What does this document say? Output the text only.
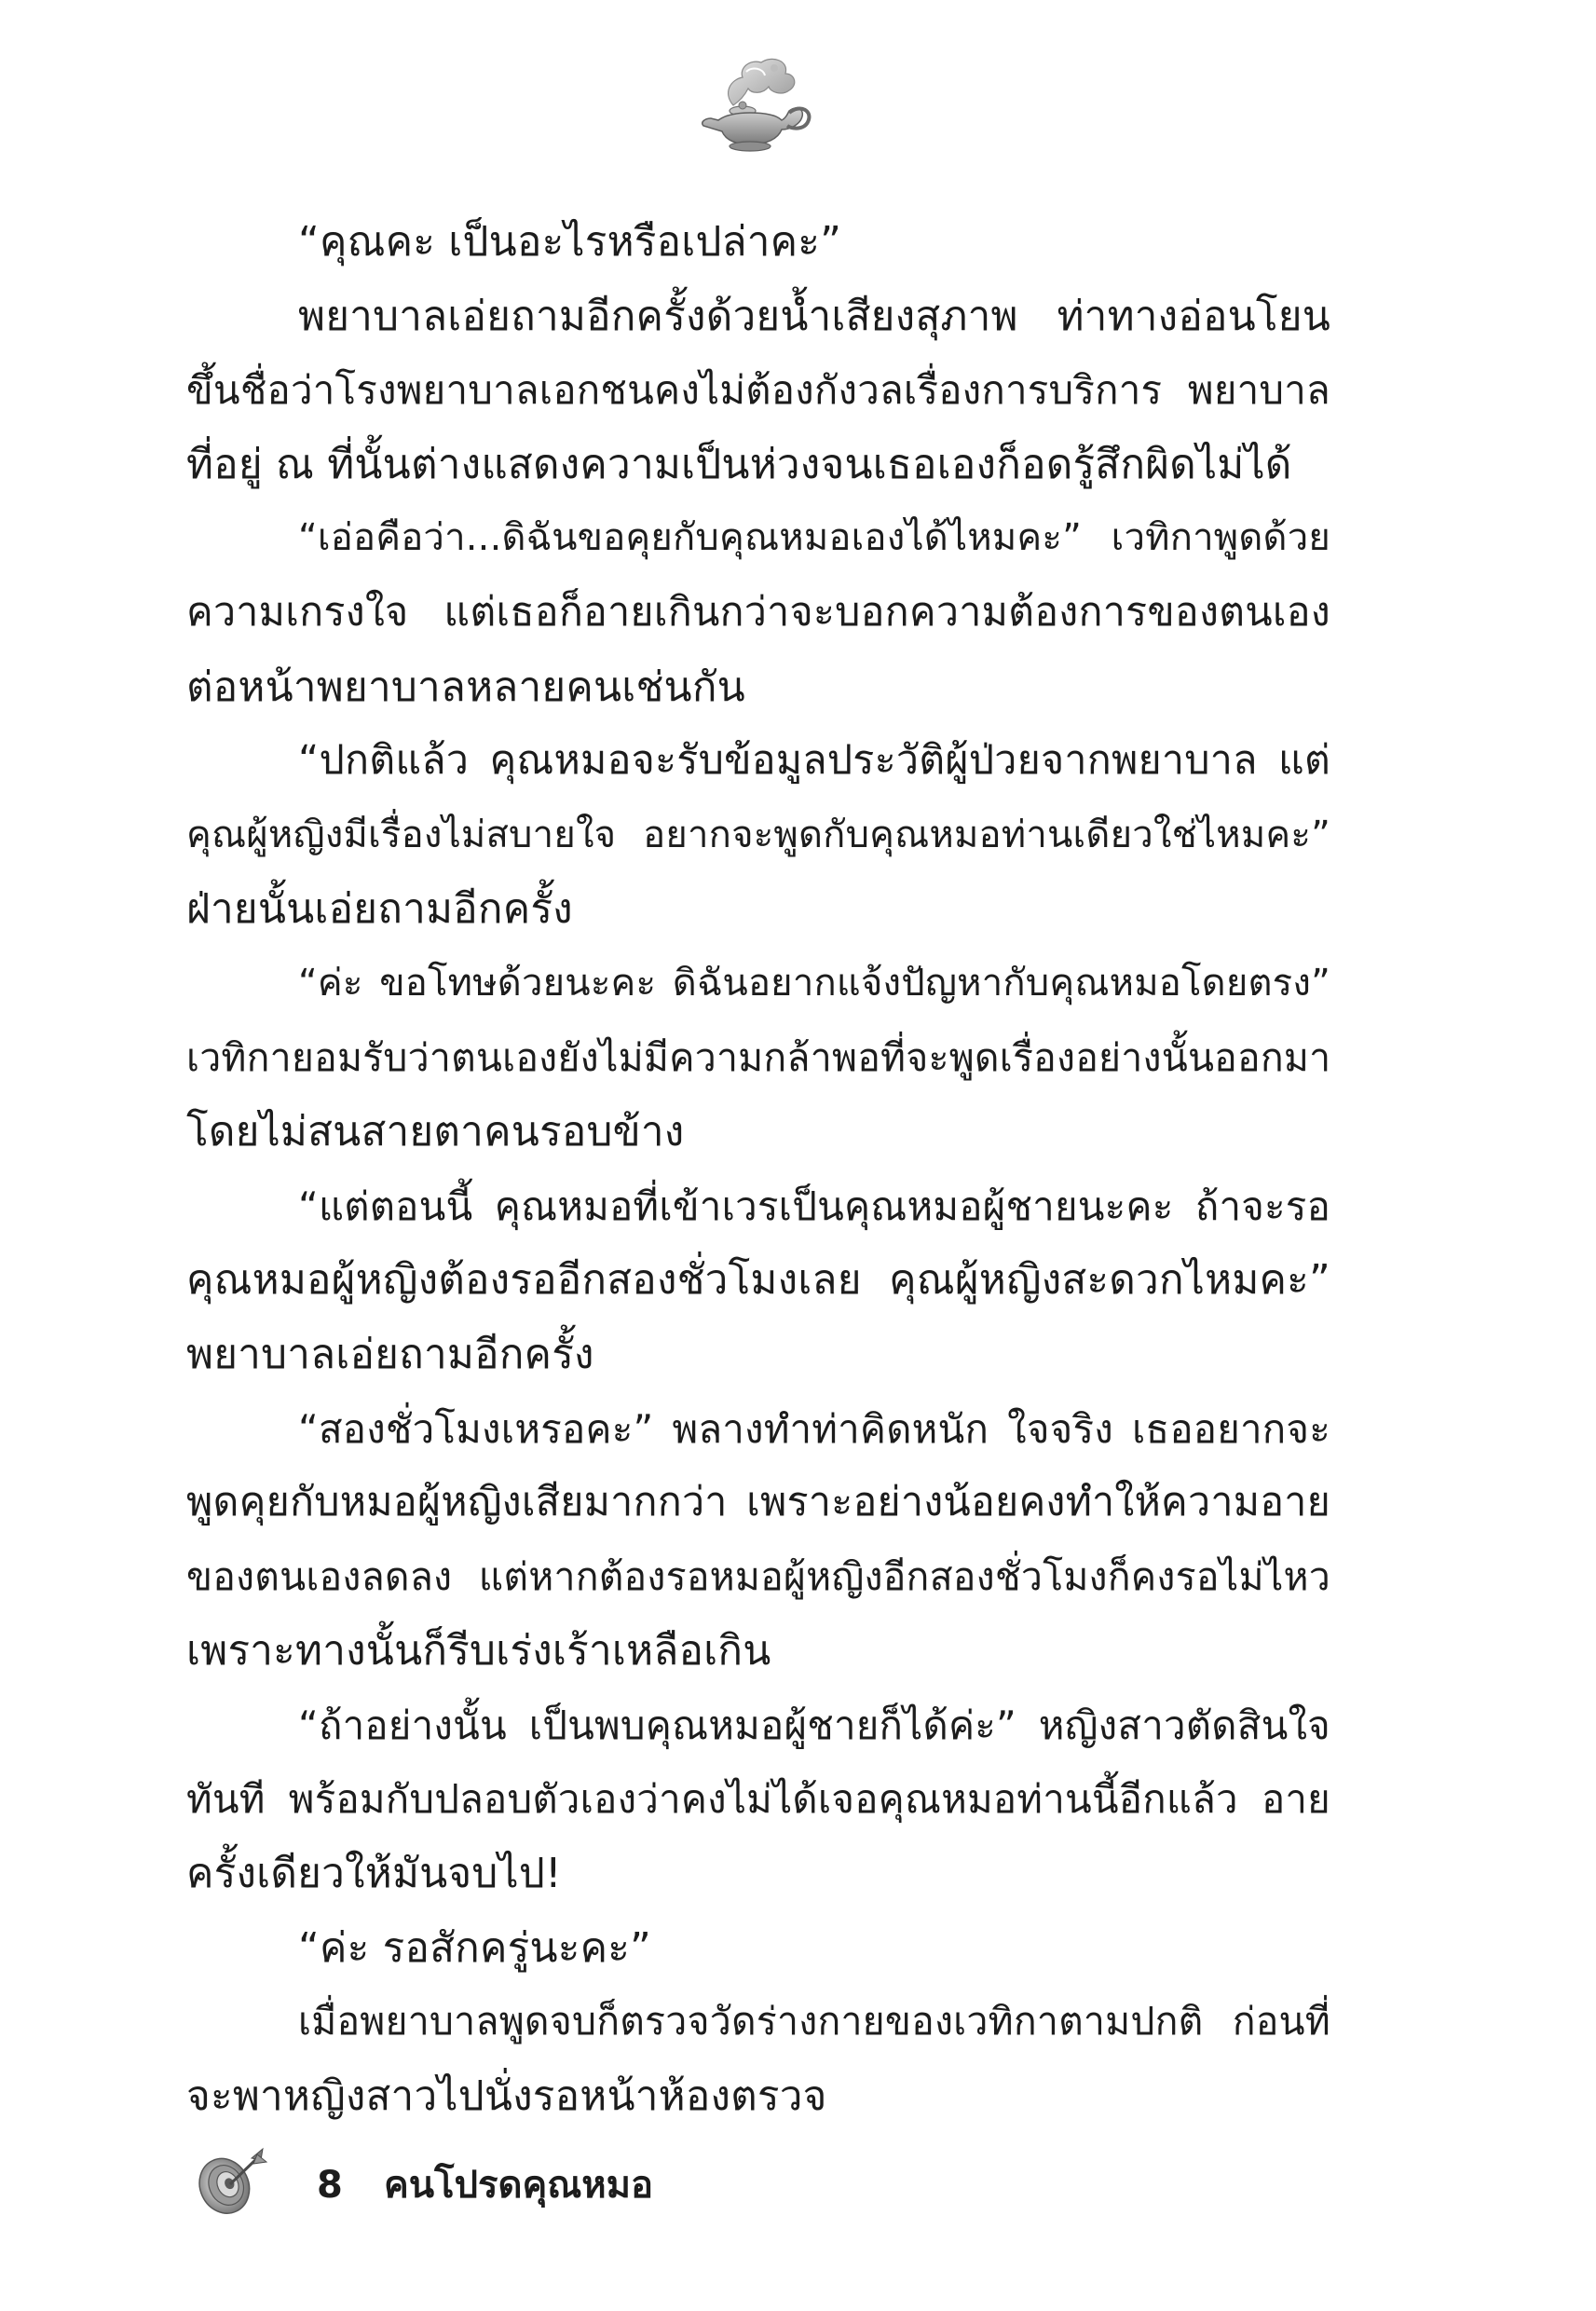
“คุณคะ เป็นอะไรหรือเปล่าคะ”
พยาบาลเอ่ยถามอีกครั้งด้วยน้ำเสียงสุภาพ ท่าทางอ่อนโยน
ขึ้นชื่อว่าโรงพยาบาลเอกชนคงไม่ต้องกังวลเรื่องการบริการ พยาบาล
ที่อยู่ ณ ที่นั้นต่างแสดงความเป็นห่วงจนเธอเองก็อดรู้สึกผิดไม่ได้
“เอ่อคือว่า...ดิฉันขอคุยกับคุณหมอเองได้ไหมคะ” เวทิกาพูดด้วย
ความเกรงใจ แต่เธอก็อายเกินกว่าจะบอกความต้องการของตนเอง
ต่อหน้าพยาบาลหลายคนเช่นกัน
“ปกติแล้ว คุณหมอจะรับข้อมูลประวัติผู้ป่วยจากพยาบาล แต่
คุณผู้หญิงมีเรื่องไม่สบายใจ อยากจะพูดกับคุณหมอท่านเดียวใช่ไหมคะ”
ฝ่ายนั้นเอ่ยถามอีกครั้ง
“ค่ะ ขอโทษด้วยนะคะ ดิฉันอยากแจ้งปัญหากับคุณหมอโดยตรง”
เวทิกายอมรับว่าตนเองยังไม่มีความกล้าพอที่จะพูดเรื่องอย่างนั้นออกมา
โดยไม่สนสายตาคนรอบข้าง
“แต่ตอนนี้ คุณหมอที่เข้าเวรเป็นคุณหมอผู้ชายนะคะ ถ้าจะรอ
คุณหมอผู้หญิงต้องรออีกสองชั่วโมงเลย คุณผู้หญิงสะดวกไหมคะ”
พยาบาลเอ่ยถามอีกครั้ง
“สองชั่วโมงเหรอคะ” พลางทำท่าคิดหนัก ใจจริง เธออยากจะ
พูดคุยกับหมอผู้หญิงเสียมากกว่า เพราะอย่างน้อยคงทำให้ความอาย
ของตนเองลดลง แต่หากต้องรอหมอผู้หญิงอีกสองชั่วโมงก็คงรอไม่ไหว
เพราะทางนั้นก็รีบเร่งเร้าเหลือเกิน
“ถ้าอย่างนั้น เป็นพบคุณหมอผู้ชายก็ได้ค่ะ” หญิงสาวตัดสินใจ
ทันที พร้อมกับปลอบตัวเองว่าคงไม่ได้เจอคุณหมอท่านนี้อีกแล้ว อาย
ครั้งเดียวให้มันจบไป!
“ค่ะ รอสักครู่นะคะ”
เมื่อพยาบาลพูดจบก็ตรวจวัดร่างกายของเวทิกาตามปกติ ก่อนที่
จะพาหญิงสาวไปนั่งรอหน้าห้องตรวจ
8 คนโปรดคุณหมอ
